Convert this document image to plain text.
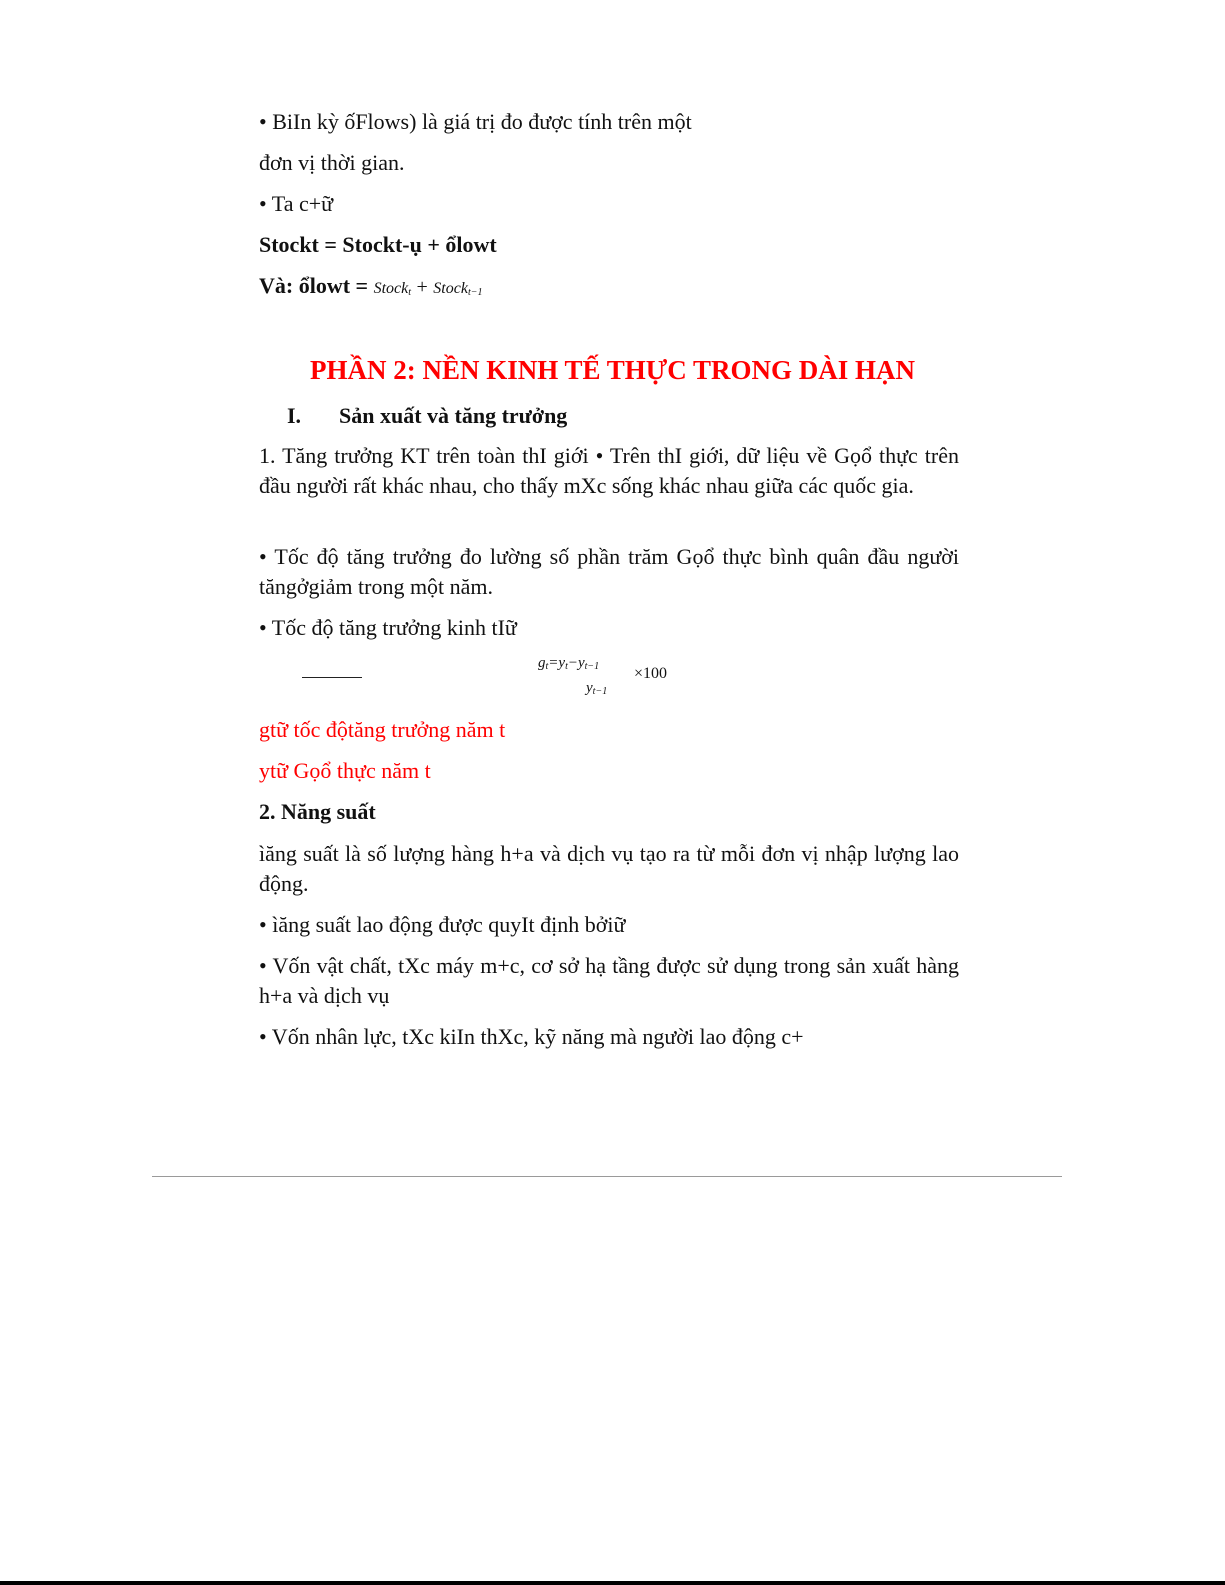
• BiIn kỳ ốFlows) là giá trị đo được tính trên một

đơn vị thời gian.

• Ta c+ữ

Stockt = Stockt-ụ + ổlowt

Và: ổlowt = Stock$_t$ + Stock$_{t-1}$

PHẦN 2: NỀN KINH TẾ THỰC TRONG DÀI HẠN
I. Sản xuất và tăng trưởng

1. Tăng trưởng KT trên toàn thI giới • Trên thI giới, dữ liệu về Gọổ thực trên đầu người rất khác nhau, cho thấy mXc sống khác nhau giữa các quốc gia.

• Tốc độ tăng trưởng đo lường số phần trăm Gọổ thực bình quân đầu người tăngởgiảm trong một năm.

• Tốc độ tăng trưởng kinh tIữ

$g_t=y_t-y_{t-1}$
$y_{t-1}$
×100

gtữ tốc độtăng trưởng năm t

ytữ Gọổ thực năm t

2. Năng suất

ìăng suất là số lượng hàng h+a và dịch vụ tạo ra từ mỗi đơn vị nhập lượng lao động.

• ìăng suất lao động được quyIt định bởiữ

• Vốn vật chất, tXc máy m+c, cơ sở hạ tầng được sử dụng trong sản xuất hàng h+a và dịch vụ

• Vốn nhân lực, tXc kiIn thXc, kỹ năng mà người lao động c+
